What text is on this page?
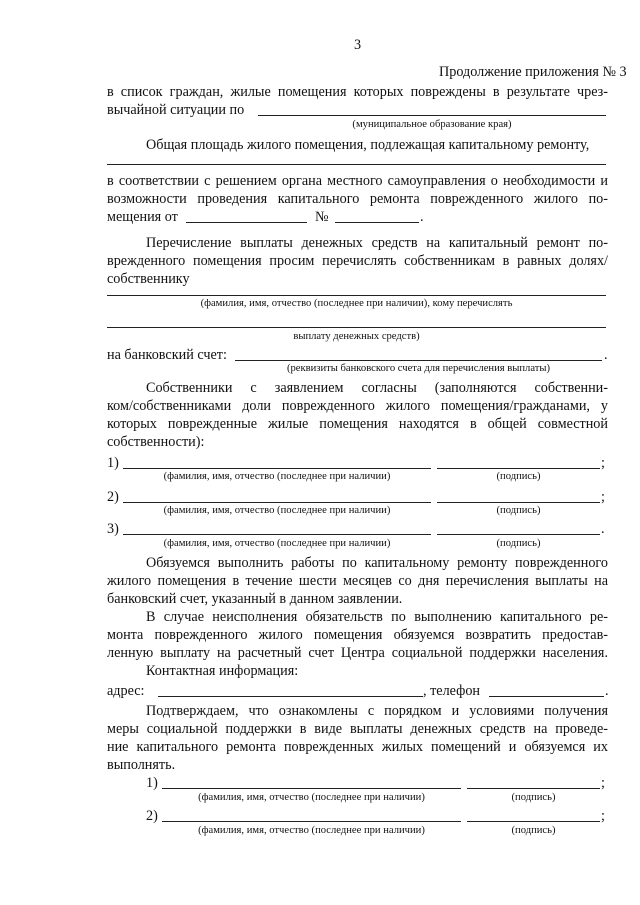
3
Продолжение приложения № 3
в список граждан, жилые помещения которых повреждены в результате чрез-
вычайной ситуации по
(муниципальное образование края)
Общая площадь жилого помещения, подлежащая капитальному ремонту,
в соответствии с решением органа местного самоуправления о необходимости и
возможности проведения капитального ремонта поврежденного жилого по-
мещения от	№	.
Перечисление выплаты денежных средств на капитальный ремонт по-
врежденного помещения просим перечислять собственникам в равных долях/
собственнику
(фамилия, имя, отчество (последнее при наличии), кому перечислять
выплату денежных средств)
на банковский счет:	.
(реквизиты банковского счета для перечисления выплаты)
Собственники с заявлением согласны (заполняются собственни-
ком/собственниками доли поврежденного жилого помещения/гражданами, у
которых поврежденные жилые помещения находятся в общей совместной
собственности):
1)	;
(фамилия, имя, отчество (последнее при наличии)	(подпись)
2)	;
(фамилия, имя, отчество (последнее при наличии)	(подпись)
3)	.
(фамилия, имя, отчество (последнее при наличии)	(подпись)
Обязуемся выполнить работы по капитальному ремонту поврежденного
жилого помещения в течение шести месяцев со дня перечисления выплаты на
банковский счет, указанный в данном заявлении.
В случае неисполнения обязательств по выполнению капитального ре-
монта поврежденного жилого помещения обязуемся возвратить предостав-
ленную выплату на расчетный счет Центра социальной поддержки населения.
Контактная информация:
адрес:	, телефон	.
Подтверждаем, что ознакомлены с порядком и условиями получения
меры социальной поддержки в виде выплаты денежных средств на проведе-
ние капитального ремонта поврежденных жилых помещений и обязуемся их
выполнять.
1)	;
(фамилия, имя, отчество (последнее при наличии)	(подпись)
2)	;
(фамилия, имя, отчество (последнее при наличии)	(подпись)
